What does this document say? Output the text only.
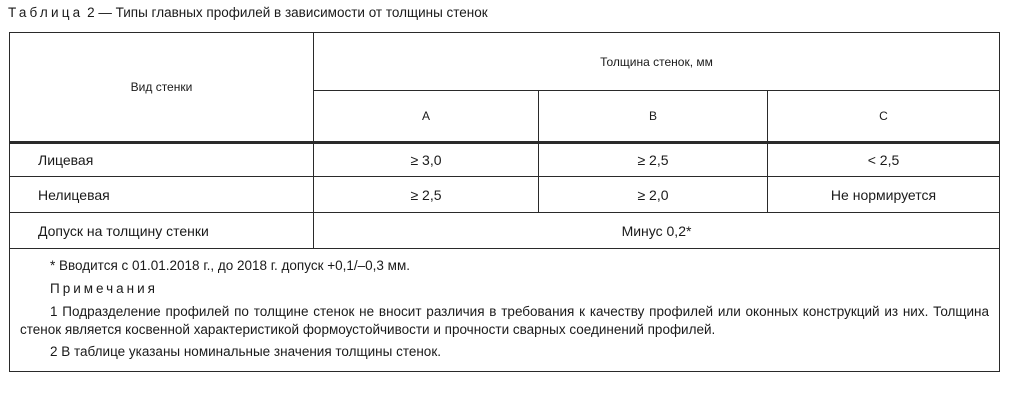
Таблица 2 — Типы главных профилей в зависимости от толщины стенок
Вид стенки	Толщина стенок, мм		
	A	B	C
Лицевая	≥ 3,0	≥ 2,5	< 2,5
Нелицевая	≥ 2,5	≥ 2,0	Не нормируется
Допуск на толщину стенки	Минус 0,2*		

* Вводится с 01.01.2018 г., до 2018 г. допуск +0,1/–0,3 мм.

Примечания

1 Подразделение профилей по толщине стенок не вносит различия в требования к качеству профилей или оконных конструкций из них. Толщина стенок является косвенной характеристикой формоустойчивости и прочности сварных соединений профилей.

2 В таблице указаны номинальные значения толщины стенок.			
